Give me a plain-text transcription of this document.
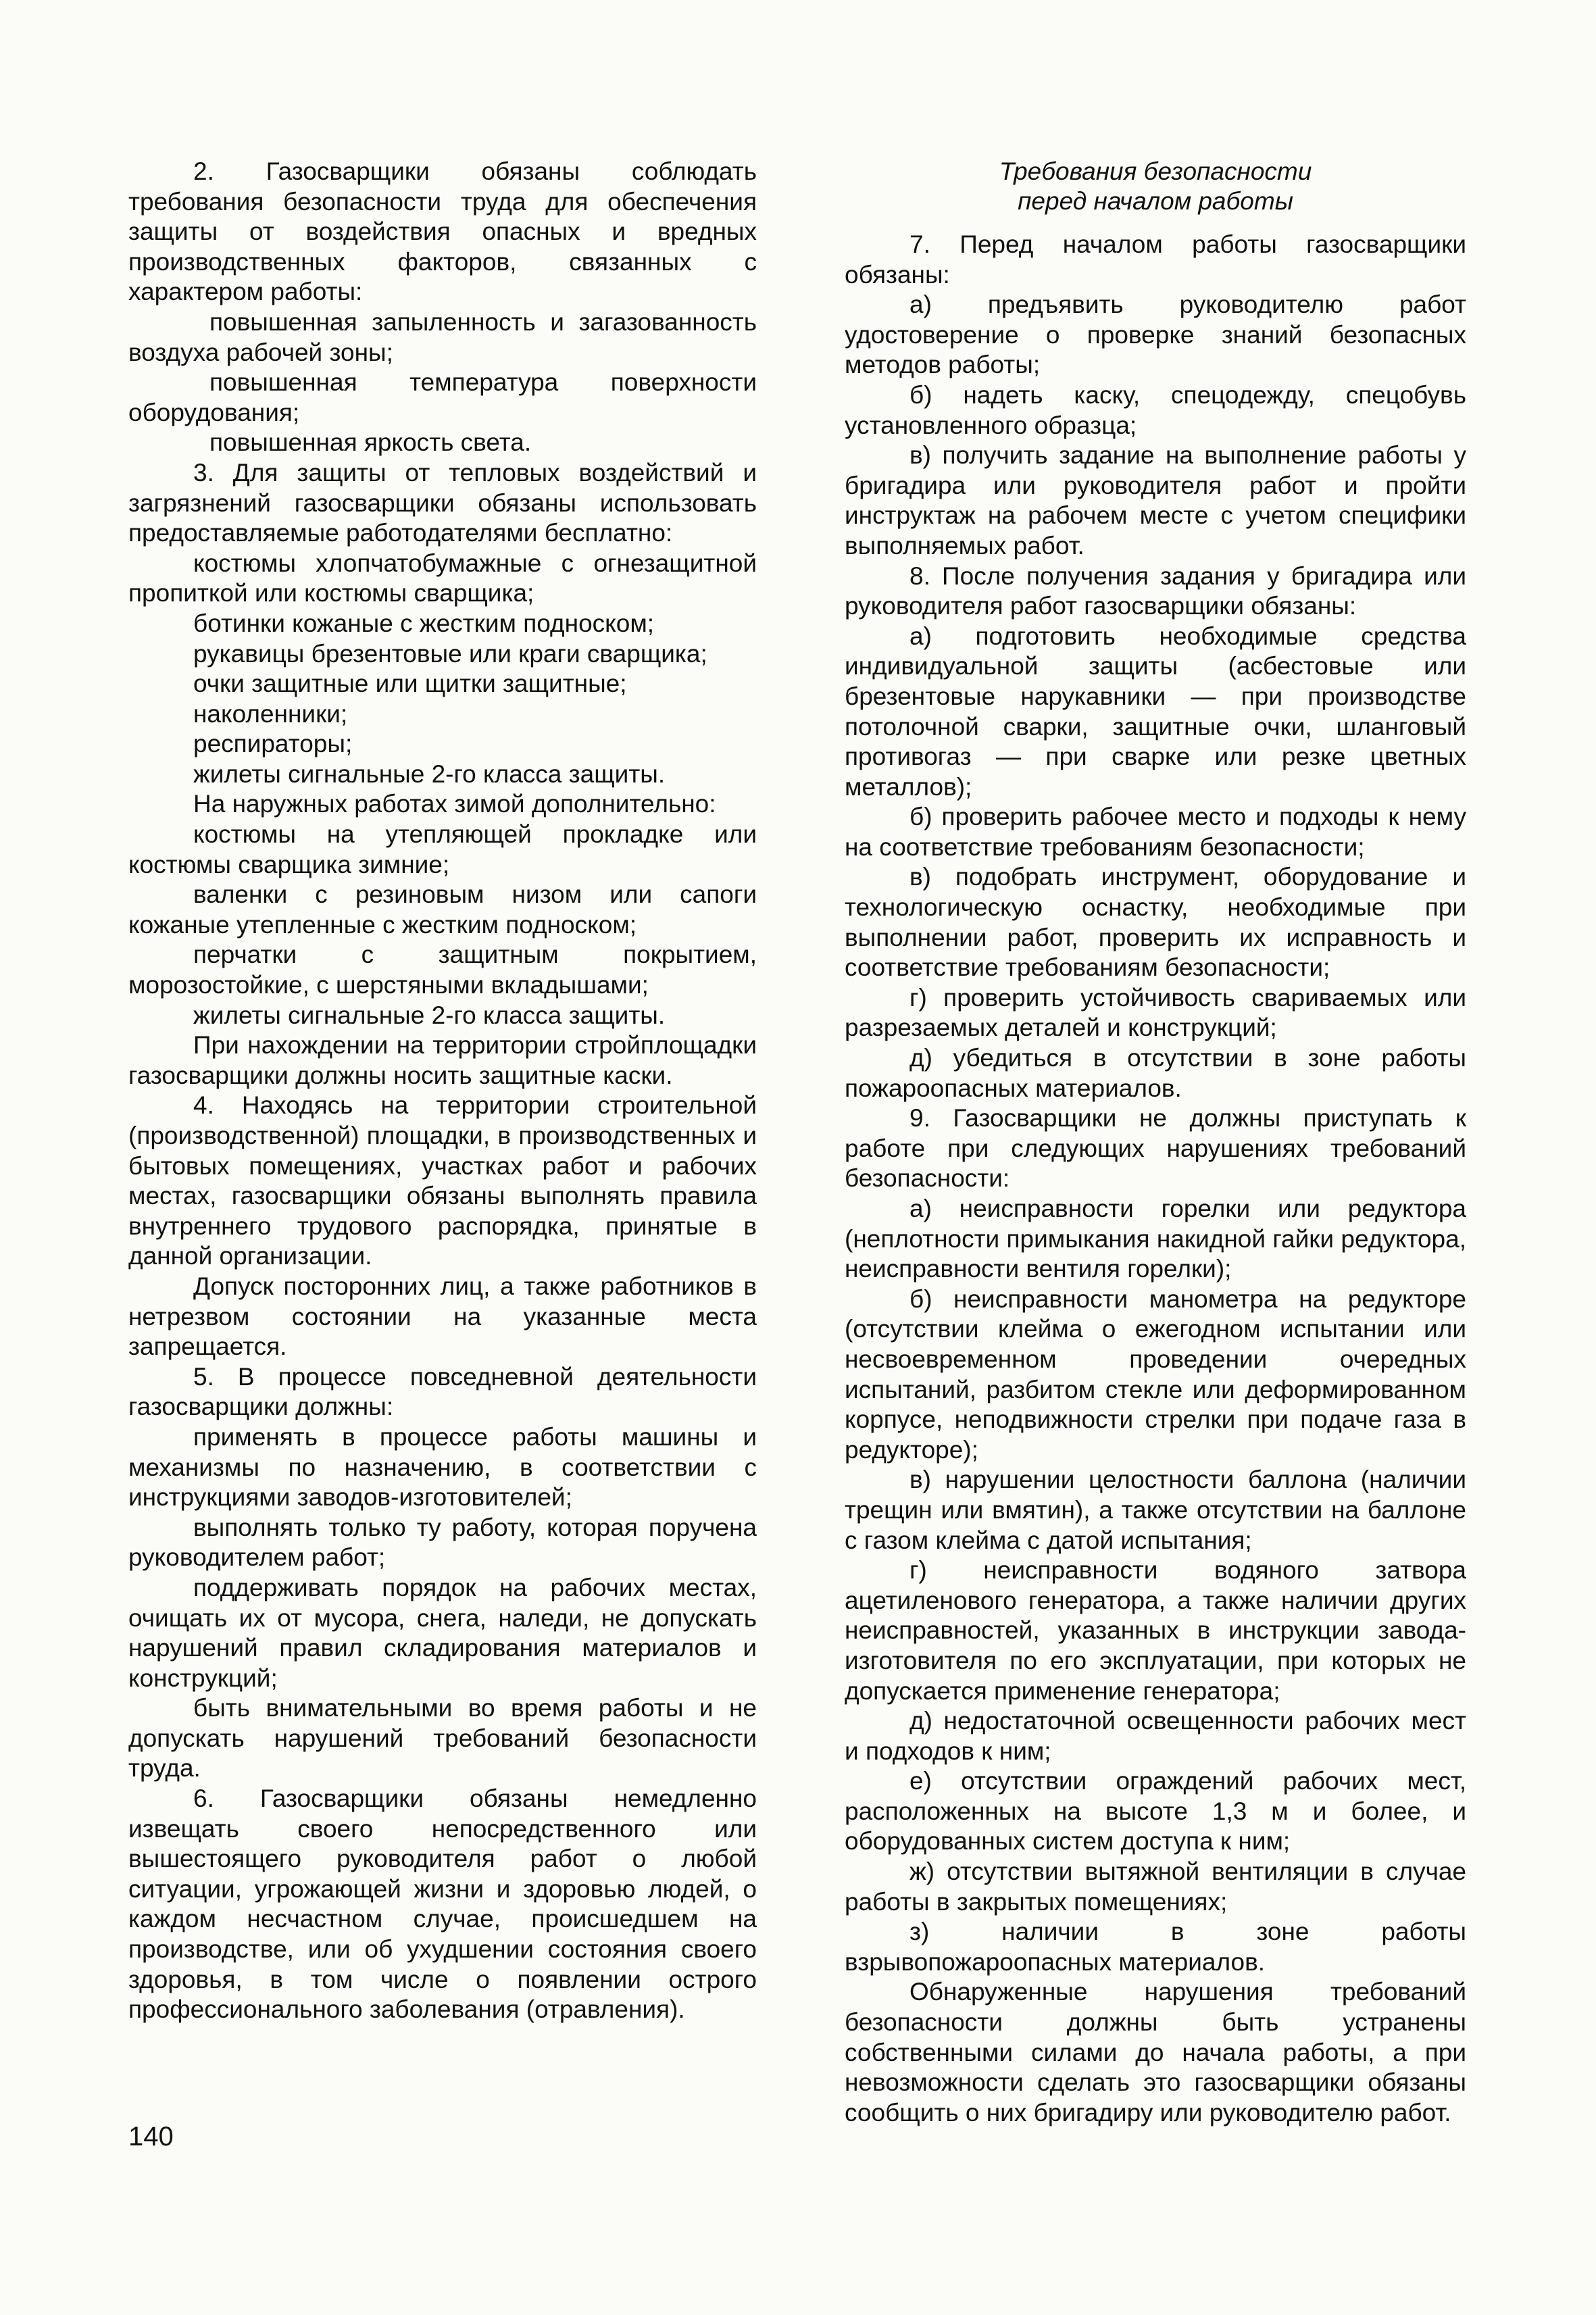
2. Газосварщики обязаны соблюдать требования безопасности труда для обеспечения защиты от воздействия опасных и вредных производственных факторов, связанных с характером работы:

повышенная запыленность и загазованность воздуха рабочей зоны;

повышенная температура поверхности оборудования;

повышенная яркость света.

3. Для защиты от тепловых воздействий и загрязнений газосварщики обязаны использовать предоставляемые работодателями бесплатно:

костюмы хлопчатобумажные с огнезащитной пропиткой или костюмы сварщика;

ботинки кожаные с жестким подноском;

рукавицы брезентовые или краги сварщика;

очки защитные или щитки защитные;

наколенники;

респираторы;

жилеты сигнальные 2-го класса защиты.

На наружных работах зимой дополнительно:

костюмы на утепляющей прокладке или костюмы сварщика зимние;

валенки с резиновым низом или сапоги кожаные утепленные с жестким подноском;

перчатки с защитным покрытием, морозостойкие, с шерстяными вкладышами;

жилеты сигнальные 2-го класса защиты.

При нахождении на территории стройплощадки газосварщики должны носить защитные каски.

4. Находясь на территории строительной (производственной) площадки, в производственных и бытовых помещениях, участках работ и рабочих местах, газосварщики обязаны выполнять правила внутреннего трудового распорядка, принятые в данной организации.

Допуск посторонних лиц, а также работников в нетрезвом состоянии на указанные места запрещается.

5. В процессе повседневной деятельности газосварщики должны:

применять в процессе работы машины и механизмы по назначению, в соответствии с инструкциями заводов-изготовителей;

выполнять только ту работу, которая поручена руководителем работ;

поддерживать порядок на рабочих местах, очищать их от мусора, снега, наледи, не допускать нарушений правил складирования материалов и конструкций;

быть внимательными во время работы и не допускать нарушений требований безопасности труда.

6. Газосварщики обязаны немедленно извещать своего непосредственного или вышестоящего руководителя работ о любой ситуации, угрожающей жизни и здоровью людей, о каждом несчастном случае, происшедшем на производстве, или об ухудшении состояния своего здоровья, в том числе о появлении острого профессионального заболевания (отравления).

Требования безопасности
перед началом работы

7. Перед началом работы газосварщики обязаны:

а) предъявить руководителю работ удостоверение о проверке знаний безопасных методов работы;

б) надеть каску, спецодежду, спецобувь установленного образца;

в) получить задание на выполнение работы у бригадира или руководителя работ и пройти инструктаж на рабочем месте с учетом специфики выполняемых работ.

8. После получения задания у бригадира или руководителя работ газосварщики обязаны:

а) подготовить необходимые средства индивидуальной защиты (асбестовые или брезентовые нарукавники — при производстве потолочной сварки, защитные очки, шланговый противогаз — при сварке или резке цветных металлов);

б) проверить рабочее место и подходы к нему на соответствие требованиям безопасности;

в) подобрать инструмент, оборудование и технологическую оснастку, необходимые при выполнении работ, проверить их исправность и соответствие требованиям безопасности;

г) проверить устойчивость свариваемых или разрезаемых деталей и конструкций;

д) убедиться в отсутствии в зоне работы пожароопасных материалов.

9. Газосварщики не должны приступать к работе при следующих нарушениях требований безопасности:

а) неисправности горелки или редуктора (неплотности примыкания накидной гайки редуктора, неисправности вентиля горелки);

б) неисправности манометра на редукторе (отсутствии клейма о ежегодном испытании или несвоевременном проведении очередных испытаний, разбитом стекле или деформированном корпусе, неподвижности стрелки при подаче газа в редукторе);

в) нарушении целостности баллона (наличии трещин или вмятин), а также отсутствии на баллоне с газом клейма с датой испытания;

г) неисправности водяного затвора ацетиленового генератора, а также наличии других неисправностей, указанных в инструкции завода-изготовителя по его эксплуатации, при которых не допускается применение генератора;

д) недостаточной освещенности рабочих мест и подходов к ним;

е) отсутствии ограждений рабочих мест, расположенных на высоте 1,3 м и более, и оборудованных систем доступа к ним;

ж) отсутствии вытяжной вентиляции в случае работы в закрытых помещениях;

з) наличии в зоне работы взрывопожароопасных материалов.

Обнаруженные нарушения требований безопасности должны быть устранены собственными силами до начала работы, а при невозможности сделать это газосварщики обязаны сообщить о них бригадиру или руководителю работ.

140
